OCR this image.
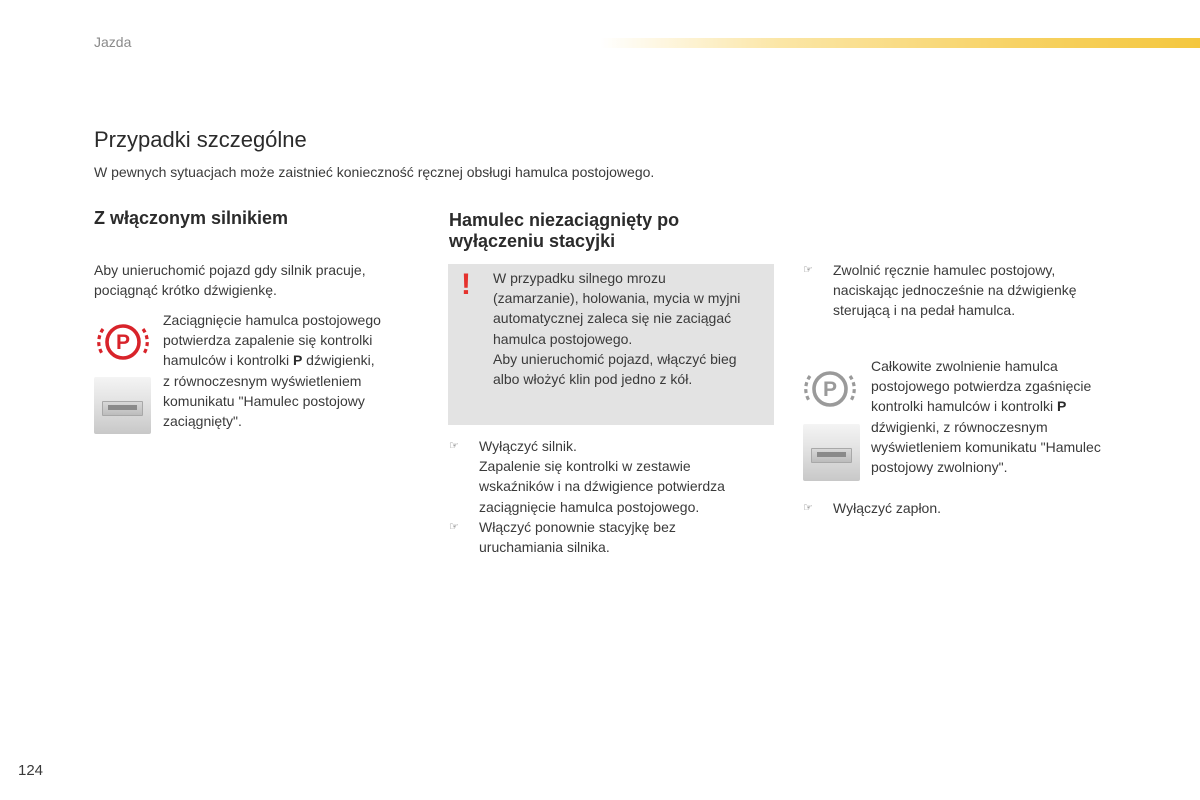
Jazda
Przypadki szczególne
W pewnych sytuacjach może zaistnieć konieczność ręcznej obsługi hamulca postojowego.
Z włączonym silnikiem
Aby unieruchomić pojazd gdy silnik pracuje,
pociągnąć krótko dźwigienkę.
P
Zaciągnięcie hamulca postojowego
potwierdza zapalenie się kontrolki
hamulców i kontrolki P dźwigienki,
z równoczesnym wyświetleniem
komunikatu "Hamulec postojowy
zaciągnięty".
Hamulec niezaciągnięty po
wyłączeniu stacyjki
! W przypadku silnego mrozu
(zamarzanie), holowania, mycia w myjni
automatycznej zaleca się nie zaciągać
hamulca postojowego.
Aby unieruchomić pojazd, włączyć bieg
albo włożyć klin pod jedno z kół.
☞ Wyłączyć silnik.
Zapalenie się kontrolki w zestawie
wskaźników i na dźwigience potwierdza
zaciągnięcie hamulca postojowego.
☞ Włączyć ponownie stacyjkę bez
uruchamiania silnika.
☞ Zwolnić ręcznie hamulec postojowy,
naciskając jednocześnie na dźwigienkę
sterującą i na pedał hamulca.
P
Całkowite zwolnienie hamulca
postojowego potwierdza zgaśnięcie
kontrolki hamulców i kontrolki P
dźwigienki, z równoczesnym
wyświetleniem komunikatu "Hamulec
postojowy zwolniony".
☞ Wyłączyć zapłon.
124
